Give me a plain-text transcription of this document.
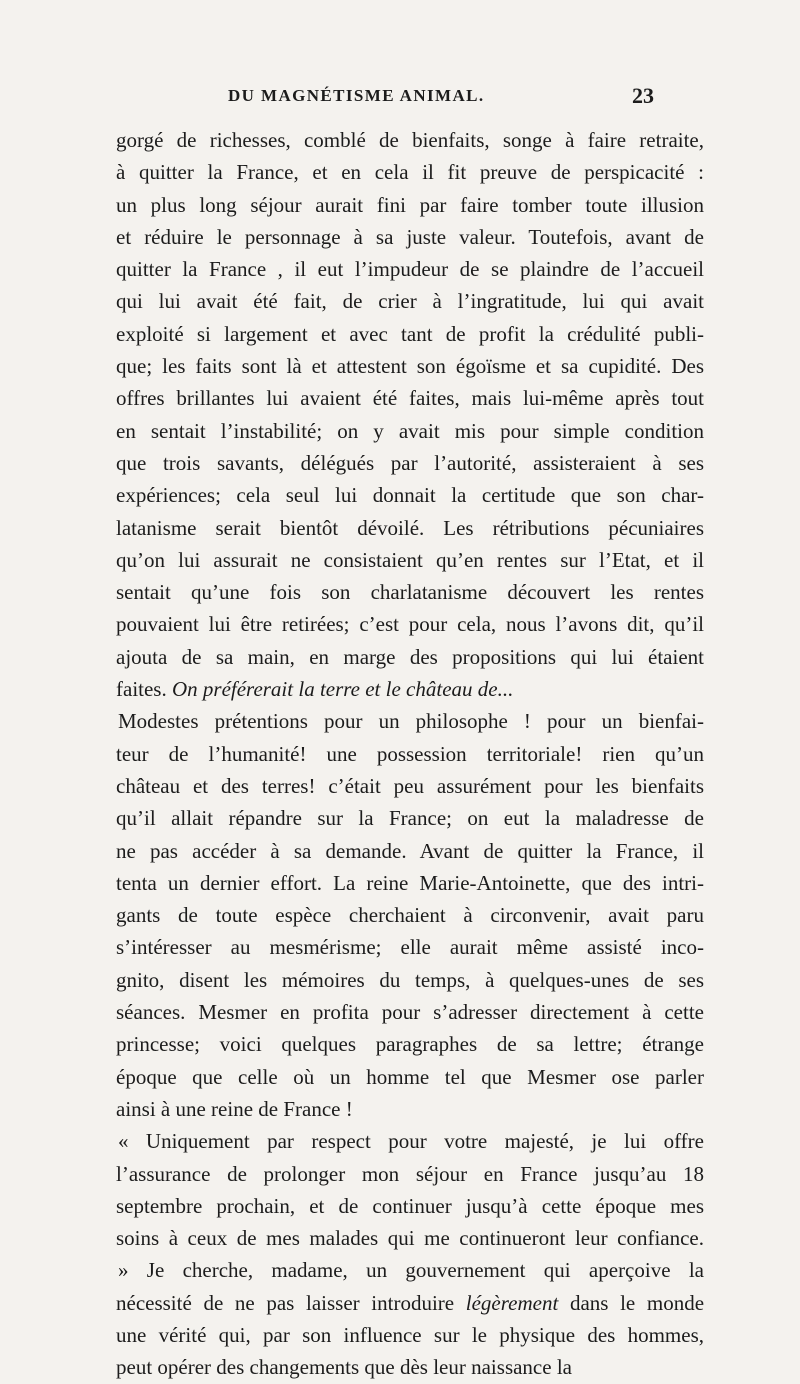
DU MAGNÉTISME ANIMAL.	23
gorgé de richesses, comblé de bienfaits, songe à faire retraite,
à quitter la France, et en cela il fit preuve de perspicacité :
un plus long séjour aurait fini par faire tomber toute illusion
et réduire le personnage à sa juste valeur. Toutefois, avant de
quitter la France , il eut l’impudeur de se plaindre de l’accueil
qui lui avait été fait, de crier à l’ingratitude, lui qui avait
exploité si largement et avec tant de profit la crédulité publi-
que; les faits sont là et attestent son égoïsme et sa cupidité. Des
offres brillantes lui avaient été faites, mais lui-même après tout
en sentait l’instabilité; on y avait mis pour simple condition
que trois savants, délégués par l’autorité, assisteraient à ses
expériences; cela seul lui donnait la certitude que son char-
latanisme serait bientôt dévoilé. Les rétributions pécuniaires
qu’on lui assurait ne consistaient qu’en rentes sur l’Etat, et il
sentait qu’une fois son charlatanisme découvert les rentes
pouvaient lui être retirées; c’est pour cela, nous l’avons dit, qu’il
ajouta de sa main, en marge des propositions qui lui étaient
faites. On préférerait la terre et le château de...
Modestes prétentions pour un philosophe ! pour un bienfai-
teur de l’humanité! une possession territoriale! rien qu’un
château et des terres! c’était peu assurément pour les bienfaits
qu’il allait répandre sur la France; on eut la maladresse de
ne pas accéder à sa demande. Avant de quitter la France, il
tenta un dernier effort. La reine Marie-Antoinette, que des intri-
gants de toute espèce cherchaient à circonvenir, avait paru
s’intéresser au mesmérisme; elle aurait même assisté inco-
gnito, disent les mémoires du temps, à quelques-unes de ses
séances. Mesmer en profita pour s’adresser directement à cette
princesse; voici quelques paragraphes de sa lettre; étrange
époque que celle où un homme tel que Mesmer ose parler
ainsi à une reine de France !
« Uniquement par respect pour votre majesté, je lui offre
l’assurance de prolonger mon séjour en France jusqu’au 18
septembre prochain, et de continuer jusqu’à cette époque mes
soins à ceux de mes malades qui me continueront leur confiance.
» Je cherche, madame, un gouvernement qui aperçoive la
nécessité de ne pas laisser introduire légèrement dans le monde
une vérité qui, par son influence sur le physique des hommes,
peut opérer des changements que dès leur naissance la
